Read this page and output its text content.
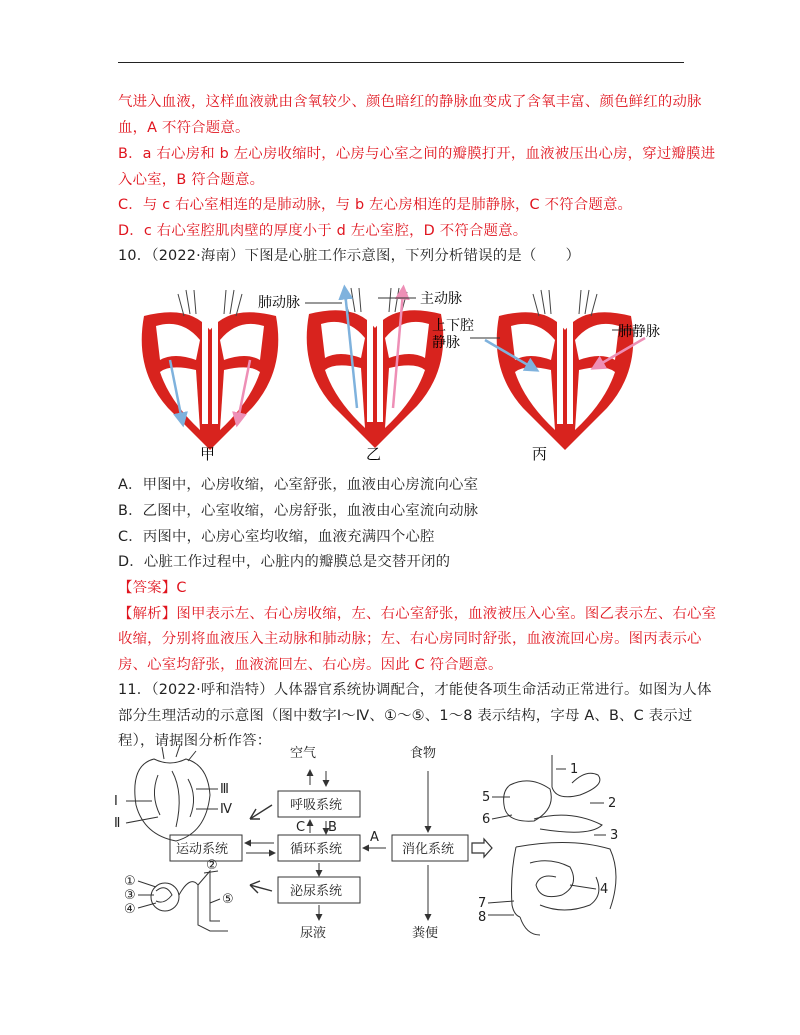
气进入血液，这样血液就由含氧较少、颜色暗红的静脉血变成了含氧丰富、颜色鲜红的动脉
血，A 不符合题意。
B．a 右心房和 b 左心房收缩时，心房与心室之间的瓣膜打开，血液被压出心房，穿过瓣膜进
入心室，B 符合题意。
C．与 c 右心室相连的是肺动脉，与 b 左心房相连的是肺静脉，C 不符合题意。
D．c 右心室腔肌肉壁的厚度小于 d 左心室腔，D 不符合题意。
10．（2022·海南）下图是心脏工作示意图，下列分析错误的是（　　）
肺动脉	主动脉
上下腔
静脉
肺静脉
甲	乙	丙
A．甲图中，心房收缩，心室舒张，血液由心房流向心室
B．乙图中，心室收缩，心房舒张，血液由心室流向动脉
C．丙图中，心房心室均收缩，血液充满四个心腔
D．心脏工作过程中，心脏内的瓣膜总是交替开闭的
【答案】C
【解析】图甲表示左、右心房收缩，左、右心室舒张，血液被压入心室。图乙表示左、右心室
收缩，分别将血液压入主动脉和肺动脉；左、右心房同时舒张，血液流回心房。图丙表示心
房、心室均舒张，血液流回左、右心房。因此 C 符合题意。
11．（2022·呼和浩特）人体器官系统协调配合，才能使各项生命活动正常进行。如图为人体
部分生理活动的示意图（图中数字Ⅰ～Ⅳ、①～⑤、1～8 表示结构，字母 A、B、C 表示过
程），请据图分析作答：
空气	食物
呼吸系统
循环系统
运动系统	消化系统
泌尿系统
尿液	粪便
A
B
C
Ⅰ
Ⅱ
Ⅲ
Ⅳ
①
②
③
④
⑤
1
2
3
4
5
6
7
8
